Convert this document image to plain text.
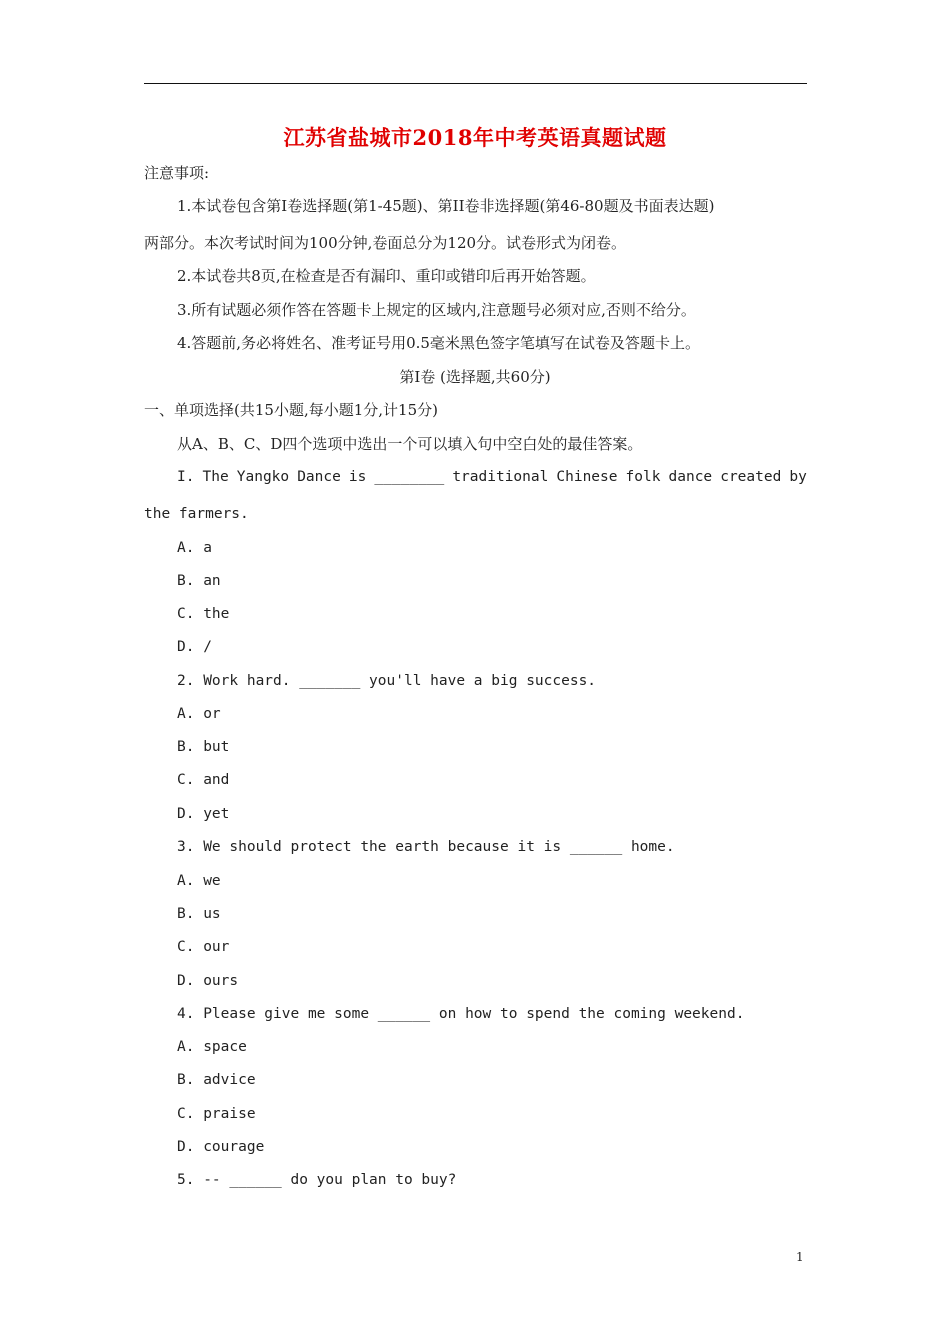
江苏省盐城市2018年中考英语真题试题
注意事项:
1.本试卷包含第Ⅰ卷选择题(第1-45题)、第II卷非选择题(第46-80题及书面表达题)
两部分。本次考试时间为100分钟,卷面总分为120分。试卷形式为闭卷。
2.本试卷共8页,在检查是否有漏印、重印或错印后再开始答题。
3.所有试题必须作答在答题卡上规定的区域内,注意题号必须对应,否则不给分。
4.答题前,务必将姓名、准考证号用0.5毫米黑色签字笔填写在试卷及答题卡上。
第Ⅰ卷 (选择题,共60分)
一、单项选择(共15小题,每小题1分,计15分)
从A、B、C、D四个选项中选出一个可以填入句中空白处的最佳答案。
I. The Yangko Dance is ________ traditional Chinese folk dance created by
the farmers.
A. a
B. an
C. the
D. /
2. Work hard. _______ you'll have a big success.
A. or
B. but
C. and
D. yet
3. We should protect the earth because it is ______ home.
A. we
B. us
C. our
D. ours
4. Please give me some ______ on how to spend the coming weekend.
A. space
B. advice
C. praise
D. courage
5. -- ______ do you plan to buy?
1
